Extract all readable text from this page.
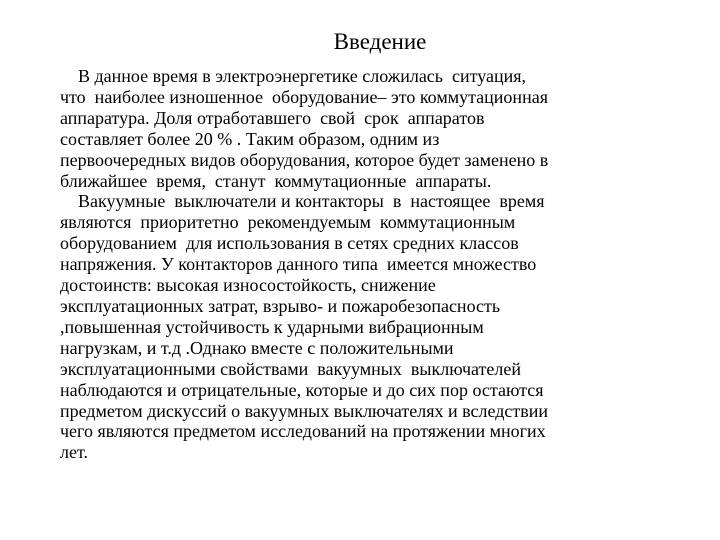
Введение
В данное время в электроэнергетике сложилась  ситуация,
что  наиболее изношенное  оборудование– это коммутационная
аппаратура. Доля отработавшего  свой  срок  аппаратов
составляет более 20 % . Таким образом, одним из
первоочередных видов оборудования, которое будет заменено в
ближайшее  время,  станут  коммутационные  аппараты.
Вакуумные  выключатели и контакторы  в  настоящее  время
являются  приоритетно  рекомендуемым  коммутационным
оборудованием  для использования в сетях средних классов
напряжения. У контакторов данного типа  имеется множество
достоинств: высокая износостойкость, снижение
эксплуатационных затрат, взрыво- и пожаробезопасность
,повышенная устойчивость к ударными вибрационным
нагрузкам, и т.д .Однако вместе с положительными
эксплуатационными свойствами  вакуумных  выключателей
наблюдаются и отрицательные, которые и до сих пор остаются
предметом дискуссий о вакуумных выключателях и вследствии
чего являются предметом исследований на протяжении многих
лет.
